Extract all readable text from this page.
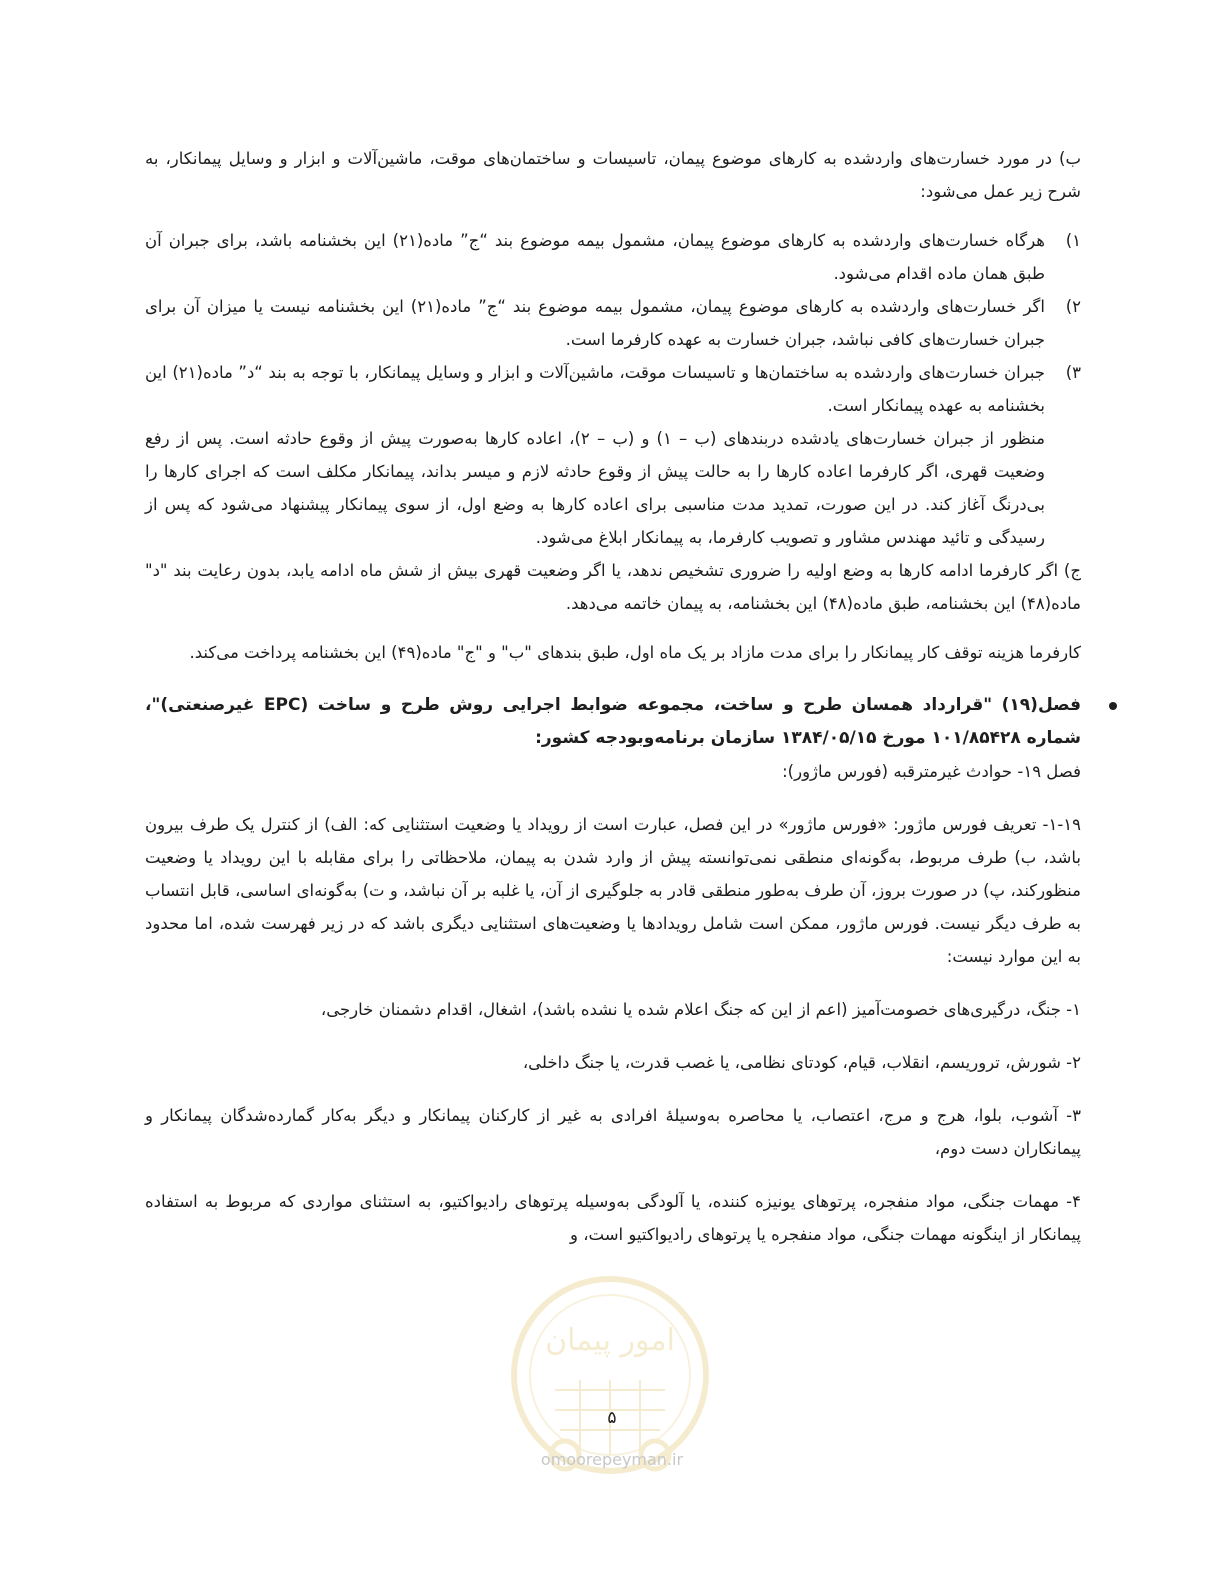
ب) در مورد خسارت‌های واردشده به کارهای موضوع پیمان، تاسیسات و ساختمان‌های موقت، ماشین‌آلات و ابزار و وسایل پیمانکار، به شرح زیر عمل می‌شود:

۱)

هرگاه خسارت‌های واردشده به کارهای موضوع پیمان، مشمول بیمه موضوع بند “ج” ماده(۲۱) این بخشنامه باشد، برای جبران آن طبق همان ماده اقدام می‌شود.

۲)

اگر خسارت‌های واردشده به کارهای موضوع پیمان، مشمول بیمه موضوع بند “ج” ماده(۲۱) این بخشنامه نیست یا میزان آن برای جبران خسارت‌های کافی نباشد، جبران خسارت به عهده کارفرما است.

۳)

جبران خسارت‌های واردشده به ساختمان‌ها و تاسیسات موقت، ماشین‌آلات و ابزار و وسایل پیمانکار، با توجه به بند “د” ماده(۲۱) این بخشنامه به عهده پیمانکار است.

منظور از جبران خسارت‌های یادشده دربندهای (ب – ۱) و (ب – ۲)، اعاده کارها به‌صورت پیش از وقوع حادثه است. پس از رفع وضعیت قهری، اگر کارفرما اعاده کارها را به حالت پیش از وقوع حادثه لازم و میسر بداند، پیمانکار مکلف است که اجرای کارها را بی‌درنگ آغاز کند. در این صورت، تمدید مدت مناسبی برای اعاده کارها به وضع اول، از سوی پیمانکار پیشنهاد می‌شود که پس از رسیدگی و تائید مهندس مشاور و تصویب کارفرما، به پیمانکار ابلاغ می‌شود.

ج) اگر کارفرما ادامه کارها به وضع اولیه را ضروری تشخیص ندهد، یا اگر وضعیت قهری بیش از شش ماه ادامه یابد، بدون رعایت بند "د" ماده(۴۸) این بخشنامه، طبق ماده(۴۸) این بخشنامه، به پیمان خاتمه می‌دهد.

کارفرما هزینه توقف کار پیمانکار را برای مدت مازاد بر یک ماه اول، طبق بندهای "ب" و "ج" ماده(۴۹) این بخشنامه پرداخت می‌کند.

فصل(۱۹) "قرارداد همسان طرح و ساخت، مجموعه ضوابط اجرایی روش طرح و ساخت (EPC غیرصنعتی)"، شماره ۱۰۱/۸۵۴۲۸ مورخ ۱۳۸۴/۰۵/۱۵ سازمان برنامه‌وبودجه کشور:

فصل ۱۹- حوادث غیرمترقبه (فورس ماژور):

۱-۱۹- تعریف فورس ماژور: «فورس ماژور» در این فصل، عبارت است از رویداد یا وضعیت استثنایی که: الف) از کنترل یک طرف بیرون باشد، ب) طرف مربوط، به‌گونه‌ای منطقی نمی‌توانسته پیش از وارد شدن به پیمان، ملاحظاتی را برای مقابله با این رویداد یا وضعیت منظورکند، پ) در صورت بروز، آن طرف به‌طور منطقی قادر به جلوگیری از آن، یا غلبه بر آن نباشد، و ت) به‌گونه‌ای اساسی، قابل انتساب به طرف دیگر نیست. فورس ماژور، ممکن است شامل رویدادها یا وضعیت‌های استثنایی دیگری باشد که در زیر فهرست شده، اما محدود به این موارد نیست:

۱- جنگ، درگیری‌های خصومت‌آمیز (اعم از این که جنگ اعلام شده یا نشده باشد)، اشغال، اقدام دشمنان خارجی،

۲- شورش، تروریسم، انقلاب، قیام، کودتای نظامی، یا غصب قدرت، یا جنگ داخلی،

۳- آشوب، بلوا، هرج و مرج، اعتصاب، یا محاصره به‌وسیلهٔ افرادی به غیر از کارکنان پیمانکار و دیگر به‌کار گمارده‌شدگان پیمانکار و پیمانکاران دست دوم،

۴- مهمات جنگی، مواد منفجره، پرتوهای یونیزه کننده، یا آلودگی به‌وسیله پرتوهای رادیواکتیو، به استثنای مواردی که مربوط به استفاده پیمانکار از اینگونه مهمات جنگی، مواد منفجره یا پرتوهای رادیواکتیو است، و

امور پیمان
۵
omoorepeyman.ir
